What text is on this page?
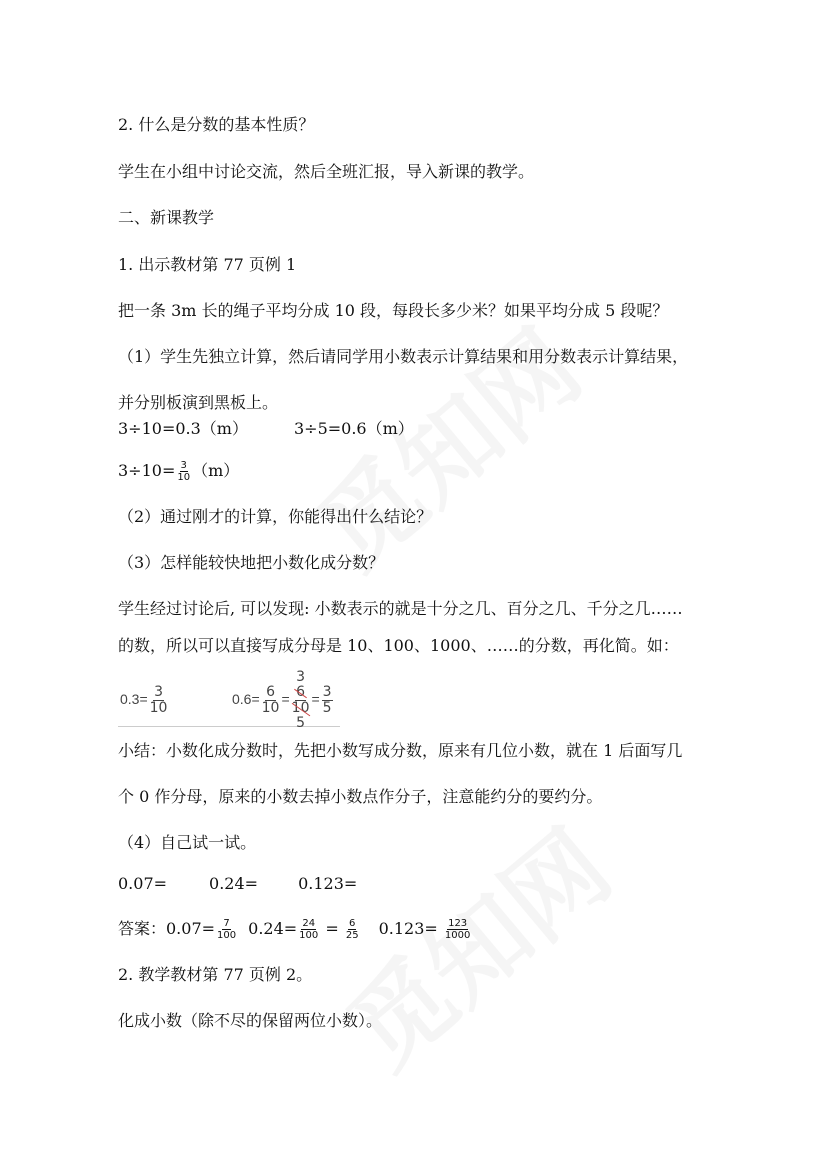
2. 什么是分数的基本性质？
学生在小组中讨论交流，然后全班汇报，导入新课的教学。
二、新课教学
1. 出示教材第 77 页例 1
把一条 3m 长的绳子平均分成 10 段，每段长多少米？如果平均分成 5 段呢？
（1）学生先独立计算，然后请同学用小数表示计算结果和用分数表示计算结果，
并分别板演到黑板上。
3÷10=0.3（m）	3÷5=0.6（m）
$3\div 10= \frac{3}{10} (m)$
（2）通过刚才的计算，你能得出什么结论？
（3）怎样能较快地把小数化成分数？
学生经过讨论后, 可以发现: 小数表示的就是十分之几、百分之几、千分之几……
的数，所以可以直接写成分母是 10、100、1000、……的分数，再化简。如：
$0.3= \frac{3}{10}$	$0.6= \frac{6}{10}$ =
3
6
10
5
= $\frac{3}{5}$
小结：小数化成分数时，先把小数写成分数，原来有几位小数，就在 1 后面写几
个 0 作分母，原来的小数去掉小数点作分子，注意能约分的要约分。
（4）自己试一试。
0.07=	0.24=	0.123=
答案：$0.07= \frac{7}{100} 0.24= \frac{24}{100} = \frac{6}{25} 0.123= \frac{123}{1000}$
2. 教学教材第 77 页例 2。
化成小数（除不尽的保留两位小数）。
